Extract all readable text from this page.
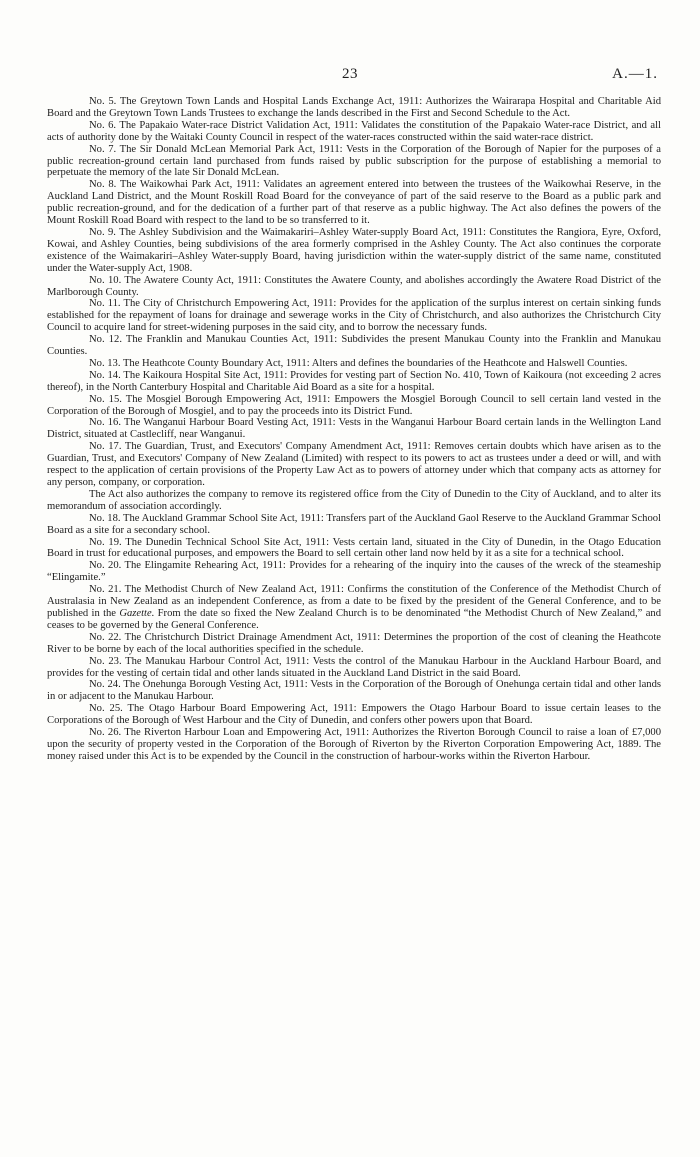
23	A.—1.

No. 5. The Greytown Town Lands and Hospital Lands Exchange Act, 1911: Authorizes the Wairarapa Hospital and Charitable Aid Board and the Greytown Town Lands Trustees to exchange the lands described in the First and Second Schedule to the Act.

No. 6. The Papakaio Water-race District Validation Act, 1911: Validates the constitution of the Papakaio Water-race District, and all acts of authority done by the Waitaki County Council in respect of the water-races constructed within the said water-race district.

No. 7. The Sir Donald McLean Memorial Park Act, 1911: Vests in the Corporation of the Borough of Napier for the purposes of a public recreation-ground certain land purchased from funds raised by public subscription for the purpose of establishing a memorial to perpetuate the memory of the late Sir Donald McLean.

No. 8. The Waikowhai Park Act, 1911: Validates an agreement entered into between the trustees of the Waikowhai Reserve, in the Auckland Land District, and the Mount Roskill Road Board for the conveyance of part of the said reserve to the Board as a public park and public recreation-ground, and for the dedication of a further part of that reserve as a public highway. The Act also defines the powers of the Mount Roskill Road Board with respect to the land to be so transferred to it.

No. 9. The Ashley Subdivision and the Waimakariri–Ashley Water-supply Board Act, 1911: Constitutes the Rangiora, Eyre, Oxford, Kowai, and Ashley Counties, being subdivisions of the area formerly comprised in the Ashley County. The Act also continues the corporate existence of the Waimakariri–Ashley Water-supply Board, having jurisdiction within the water-supply district of the same name, constituted under the Water-supply Act, 1908.

No. 10. The Awatere County Act, 1911: Constitutes the Awatere County, and abolishes accordingly the Awatere Road District of the Marlborough County.

No. 11. The City of Christchurch Empowering Act, 1911: Provides for the application of the surplus interest on certain sinking funds established for the repayment of loans for drainage and sewerage works in the City of Christchurch, and also authorizes the Christchurch City Council to acquire land for street-widening purposes in the said city, and to borrow the necessary funds.

No. 12. The Franklin and Manukau Counties Act, 1911: Subdivides the present Manukau County into the Franklin and Manukau Counties.

No. 13. The Heathcote County Boundary Act, 1911: Alters and defines the boundaries of the Heathcote and Halswell Counties.

No. 14. The Kaikoura Hospital Site Act, 1911: Provides for vesting part of Section No. 410, Town of Kaikoura (not exceeding 2 acres thereof), in the North Canterbury Hospital and Charitable Aid Board as a site for a hospital.

No. 15. The Mosgiel Borough Empowering Act, 1911: Empowers the Mosgiel Borough Council to sell certain land vested in the Corporation of the Borough of Mosgiel, and to pay the proceeds into its District Fund.

No. 16. The Wanganui Harbour Board Vesting Act, 1911: Vests in the Wanganui Harbour Board certain lands in the Wellington Land District, situated at Castlecliff, near Wanganui.

No. 17. The Guardian, Trust, and Executors' Company Amendment Act, 1911: Removes certain doubts which have arisen as to the Guardian, Trust, and Executors' Company of New Zealand (Limited) with respect to its powers to act as trustees under a deed or will, and with respect to the application of certain provisions of the Property Law Act as to powers of attorney under which that company acts as attorney for any person, company, or corporation.

The Act also authorizes the company to remove its registered office from the City of Dunedin to the City of Auckland, and to alter its memorandum of association accordingly.

No. 18. The Auckland Grammar School Site Act, 1911: Transfers part of the Auckland Gaol Reserve to the Auckland Grammar School Board as a site for a secondary school.

No. 19. The Dunedin Technical School Site Act, 1911: Vests certain land, situated in the City of Dunedin, in the Otago Education Board in trust for educational purposes, and empowers the Board to sell certain other land now held by it as a site for a technical school.

No. 20. The Elingamite Rehearing Act, 1911: Provides for a rehearing of the inquiry into the causes of the wreck of the steameship “Elingamite.”

No. 21. The Methodist Church of New Zealand Act, 1911: Confirms the constitution of the Conference of the Methodist Church of Australasia in New Zealand as an independent Conference, as from a date to be fixed by the president of the General Conference, and to be published in the Gazette. From the date so fixed the New Zealand Church is to be denominated “the Methodist Church of New Zealand,” and ceases to be governed by the General Conference.

No. 22. The Christchurch District Drainage Amendment Act, 1911: Determines the proportion of the cost of cleaning the Heathcote River to be borne by each of the local authorities specified in the schedule.

No. 23. The Manukau Harbour Control Act, 1911: Vests the control of the Manukau Harbour in the Auckland Harbour Board, and provides for the vesting of certain tidal and other lands situated in the Auckland Land District in the said Board.

No. 24. The Onehunga Borough Vesting Act, 1911: Vests in the Corporation of the Borough of Onehunga certain tidal and other lands in or adjacent to the Manukau Harbour.

No. 25. The Otago Harbour Board Empowering Act, 1911: Empowers the Otago Harbour Board to issue certain leases to the Corporations of the Borough of West Harbour and the City of Dunedin, and confers other powers upon that Board.

No. 26. The Riverton Harbour Loan and Empowering Act, 1911: Authorizes the Riverton Borough Council to raise a loan of £7,000 upon the security of property vested in the Corporation of the Borough of Riverton by the Riverton Corporation Empowering Act, 1889. The money raised under this Act is to be expended by the Council in the construction of harbour-works within the Riverton Harbour.
